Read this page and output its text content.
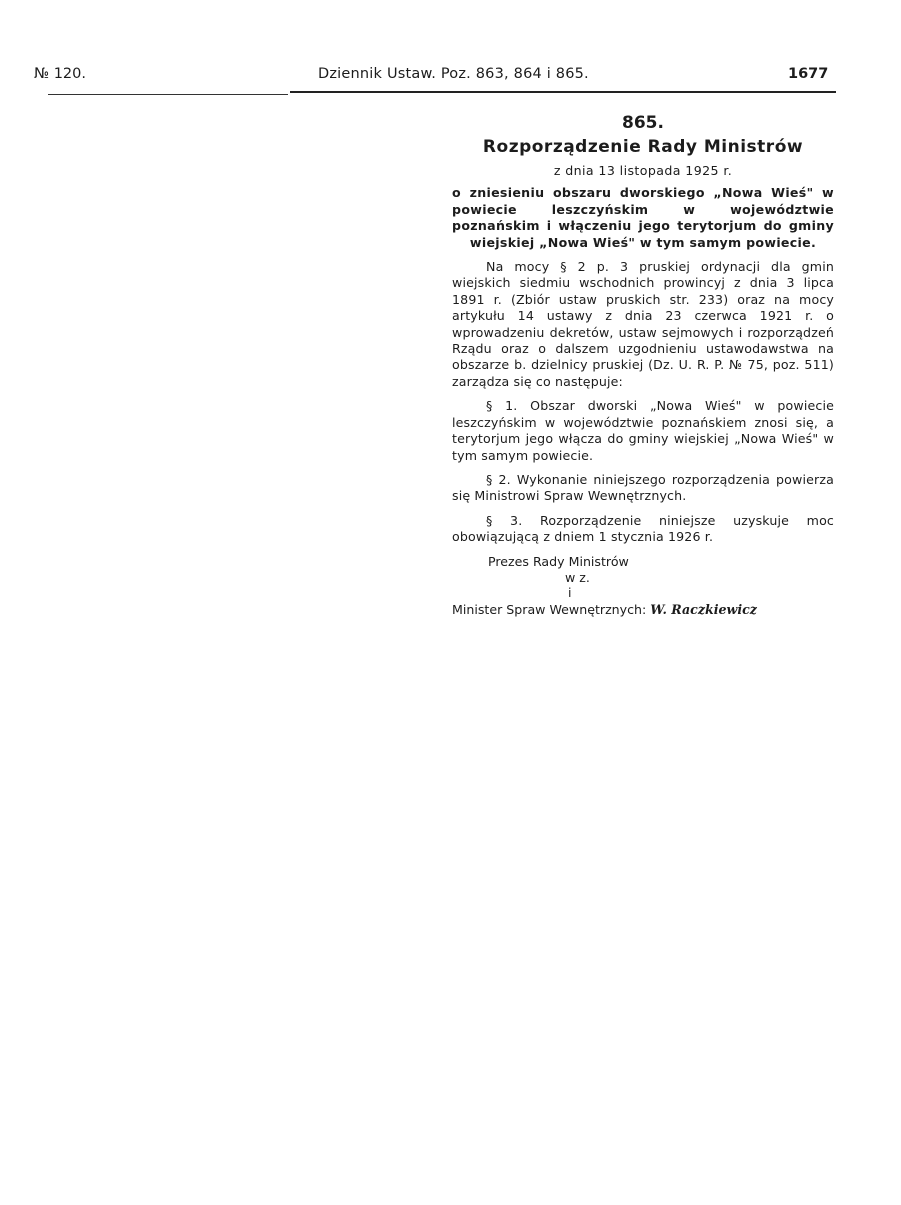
№ 120.	Dziennik Ustaw. Poz. 863, 864 i 865.	1677
865.
Rozporządzenie Rady Ministrów
z dnia 13 listopada 1925 r.
o zniesieniu obszaru dworskiego „Nowa Wieś" w powiecie leszczyńskim w województwie poznańskim i włączeniu jego terytorjum do gminy wiejskiej „Nowa Wieś" w tym samym powiecie.

Na mocy § 2 p. 3 pruskiej ordynacji dla gmin wiejskich siedmiu wschodnich prowincyj z dnia 3 lipca 1891 r. (Zbiór ustaw pruskich str. 233) oraz na mocy artykułu 14 ustawy z dnia 23 czerwca 1921 r. o wprowadzeniu dekretów, ustaw sejmowych i rozporządzeń Rządu oraz o dalszem uzgodnieniu ustawodawstwa na obszarze b. dzielnicy pruskiej (Dz. U. R. P. № 75, poz. 511) zarządza się co następuje:

§ 1. Obszar dworski „Nowa Wieś" w powiecie leszczyńskim w województwie poznańskiem znosi się, a terytorjum jego włącza do gminy wiejskiej „Nowa Wieś" w tym samym powiecie.

§ 2. Wykonanie niniejszego rozporządzenia powierza się Ministrowi Spraw Wewnętrznych.

§ 3. Rozporządzenie niniejsze uzyskuje moc obowiązującą z dniem 1 stycznia 1926 r.

Prezes Rady Ministrów
w z.
i
Minister Spraw Wewnętrznych: W. Raczkiewicz
